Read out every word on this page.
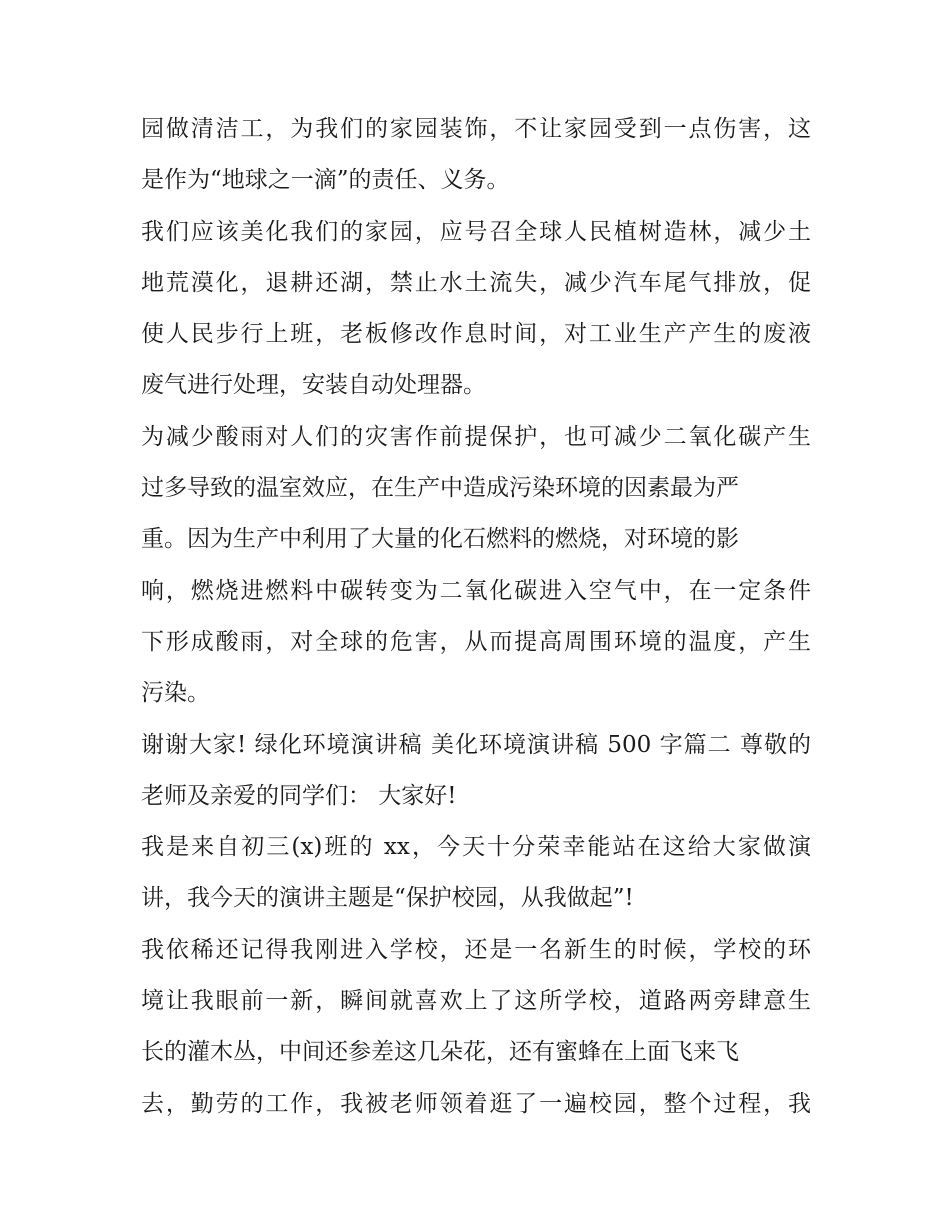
园做清洁工，为我们的家园装饰，不让家园受到一点伤害，这
是作为“地球之一滴”的责任、义务。
我们应该美化我们的家园，应号召全球人民植树造林，减少土
地荒漠化，退耕还湖，禁止水土流失，减少汽车尾气排放，促
使人民步行上班，老板修改作息时间，对工业生产产生的废液
废气进行处理，安装自动处理器。
为减少酸雨对人们的灾害作前提保护，也可减少二氧化碳产生
过多导致的温室效应，在生产中造成污染环境的因素最为严
重。因为生产中利用了大量的化石燃料的燃烧，对环境的影
响，燃烧进燃料中碳转变为二氧化碳进入空气中，在一定条件
下形成酸雨，对全球的危害，从而提高周围环境的温度，产生
污染。
谢谢大家! 绿化环境演讲稿 美化环境演讲稿 500 字篇二 尊敬的
老师及亲爱的同学们： 大家好!
我是来自初三(x)班的 xx，今天十分荣幸能站在这给大家做演
讲，我今天的演讲主题是“保护校园，从我做起”!
我依稀还记得我刚进入学校，还是一名新生的时候，学校的环
境让我眼前一新，瞬间就喜欢上了这所学校，道路两旁肆意生
长的灌木丛，中间还参差这几朵花，还有蜜蜂在上面飞来飞
去，勤劳的工作，我被老师领着逛了一遍校园，整个过程，我
